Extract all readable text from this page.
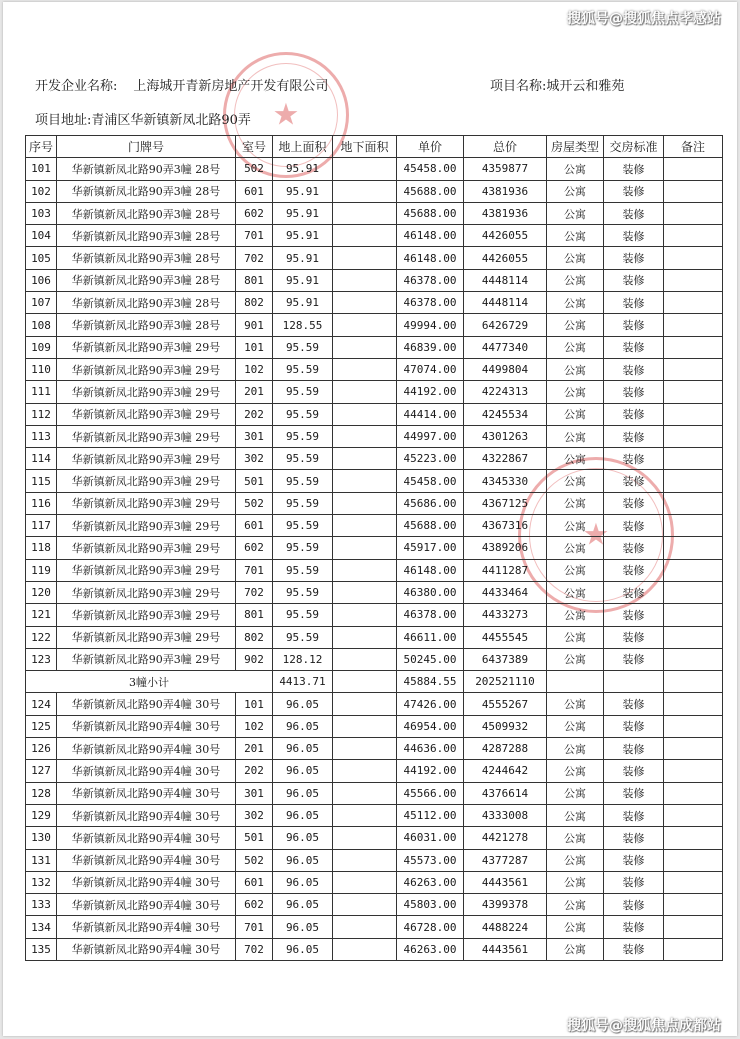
搜狐号@搜狐焦点孝感站
★
★
开发企业名称: 上海城开青新房地产开发有限公司	项目名称:城开云和雅苑
项目地址:青浦区华新镇新凤北路90弄
序号	门牌号	室号	地上面积	地下面积	单价	总价	房屋类型	交房标准	备注
101	华新镇新凤北路90弄3幢 28号	502	95.91		45458.00	4359877	公寓	装修	
102	华新镇新凤北路90弄3幢 28号	601	95.91		45688.00	4381936	公寓	装修	
103	华新镇新凤北路90弄3幢 28号	602	95.91		45688.00	4381936	公寓	装修	
104	华新镇新凤北路90弄3幢 28号	701	95.91		46148.00	4426055	公寓	装修	
105	华新镇新凤北路90弄3幢 28号	702	95.91		46148.00	4426055	公寓	装修	
106	华新镇新凤北路90弄3幢 28号	801	95.91		46378.00	4448114	公寓	装修	
107	华新镇新凤北路90弄3幢 28号	802	95.91		46378.00	4448114	公寓	装修	
108	华新镇新凤北路90弄3幢 28号	901	128.55		49994.00	6426729	公寓	装修	
109	华新镇新凤北路90弄3幢 29号	101	95.59		46839.00	4477340	公寓	装修	
110	华新镇新凤北路90弄3幢 29号	102	95.59		47074.00	4499804	公寓	装修	
111	华新镇新凤北路90弄3幢 29号	201	95.59		44192.00	4224313	公寓	装修	
112	华新镇新凤北路90弄3幢 29号	202	95.59		44414.00	4245534	公寓	装修	
113	华新镇新凤北路90弄3幢 29号	301	95.59		44997.00	4301263	公寓	装修	
114	华新镇新凤北路90弄3幢 29号	302	95.59		45223.00	4322867	公寓	装修	
115	华新镇新凤北路90弄3幢 29号	501	95.59		45458.00	4345330	公寓	装修	
116	华新镇新凤北路90弄3幢 29号	502	95.59		45686.00	4367125	公寓	装修	
117	华新镇新凤北路90弄3幢 29号	601	95.59		45688.00	4367316	公寓	装修	
118	华新镇新凤北路90弄3幢 29号	602	95.59		45917.00	4389206	公寓	装修	
119	华新镇新凤北路90弄3幢 29号	701	95.59		46148.00	4411287	公寓	装修	
120	华新镇新凤北路90弄3幢 29号	702	95.59		46380.00	4433464	公寓	装修	
121	华新镇新凤北路90弄3幢 29号	801	95.59		46378.00	4433273	公寓	装修	
122	华新镇新凤北路90弄3幢 29号	802	95.59		46611.00	4455545	公寓	装修	
123	华新镇新凤北路90弄3幢 29号	902	128.12		50245.00	6437389	公寓	装修	
3幢小计			4413.71		45884.55	202521110			
124	华新镇新凤北路90弄4幢 30号	101	96.05		47426.00	4555267	公寓	装修	
125	华新镇新凤北路90弄4幢 30号	102	96.05		46954.00	4509932	公寓	装修	
126	华新镇新凤北路90弄4幢 30号	201	96.05		44636.00	4287288	公寓	装修	
127	华新镇新凤北路90弄4幢 30号	202	96.05		44192.00	4244642	公寓	装修	
128	华新镇新凤北路90弄4幢 30号	301	96.05		45566.00	4376614	公寓	装修	
129	华新镇新凤北路90弄4幢 30号	302	96.05		45112.00	4333008	公寓	装修	
130	华新镇新凤北路90弄4幢 30号	501	96.05		46031.00	4421278	公寓	装修	
131	华新镇新凤北路90弄4幢 30号	502	96.05		45573.00	4377287	公寓	装修	
132	华新镇新凤北路90弄4幢 30号	601	96.05		46263.00	4443561	公寓	装修	
133	华新镇新凤北路90弄4幢 30号	602	96.05		45803.00	4399378	公寓	装修	
134	华新镇新凤北路90弄4幢 30号	701	96.05		46728.00	4488224	公寓	装修	
135	华新镇新凤北路90弄4幢 30号	702	96.05		46263.00	4443561	公寓	装修	
搜狐号@搜狐焦点成都站
